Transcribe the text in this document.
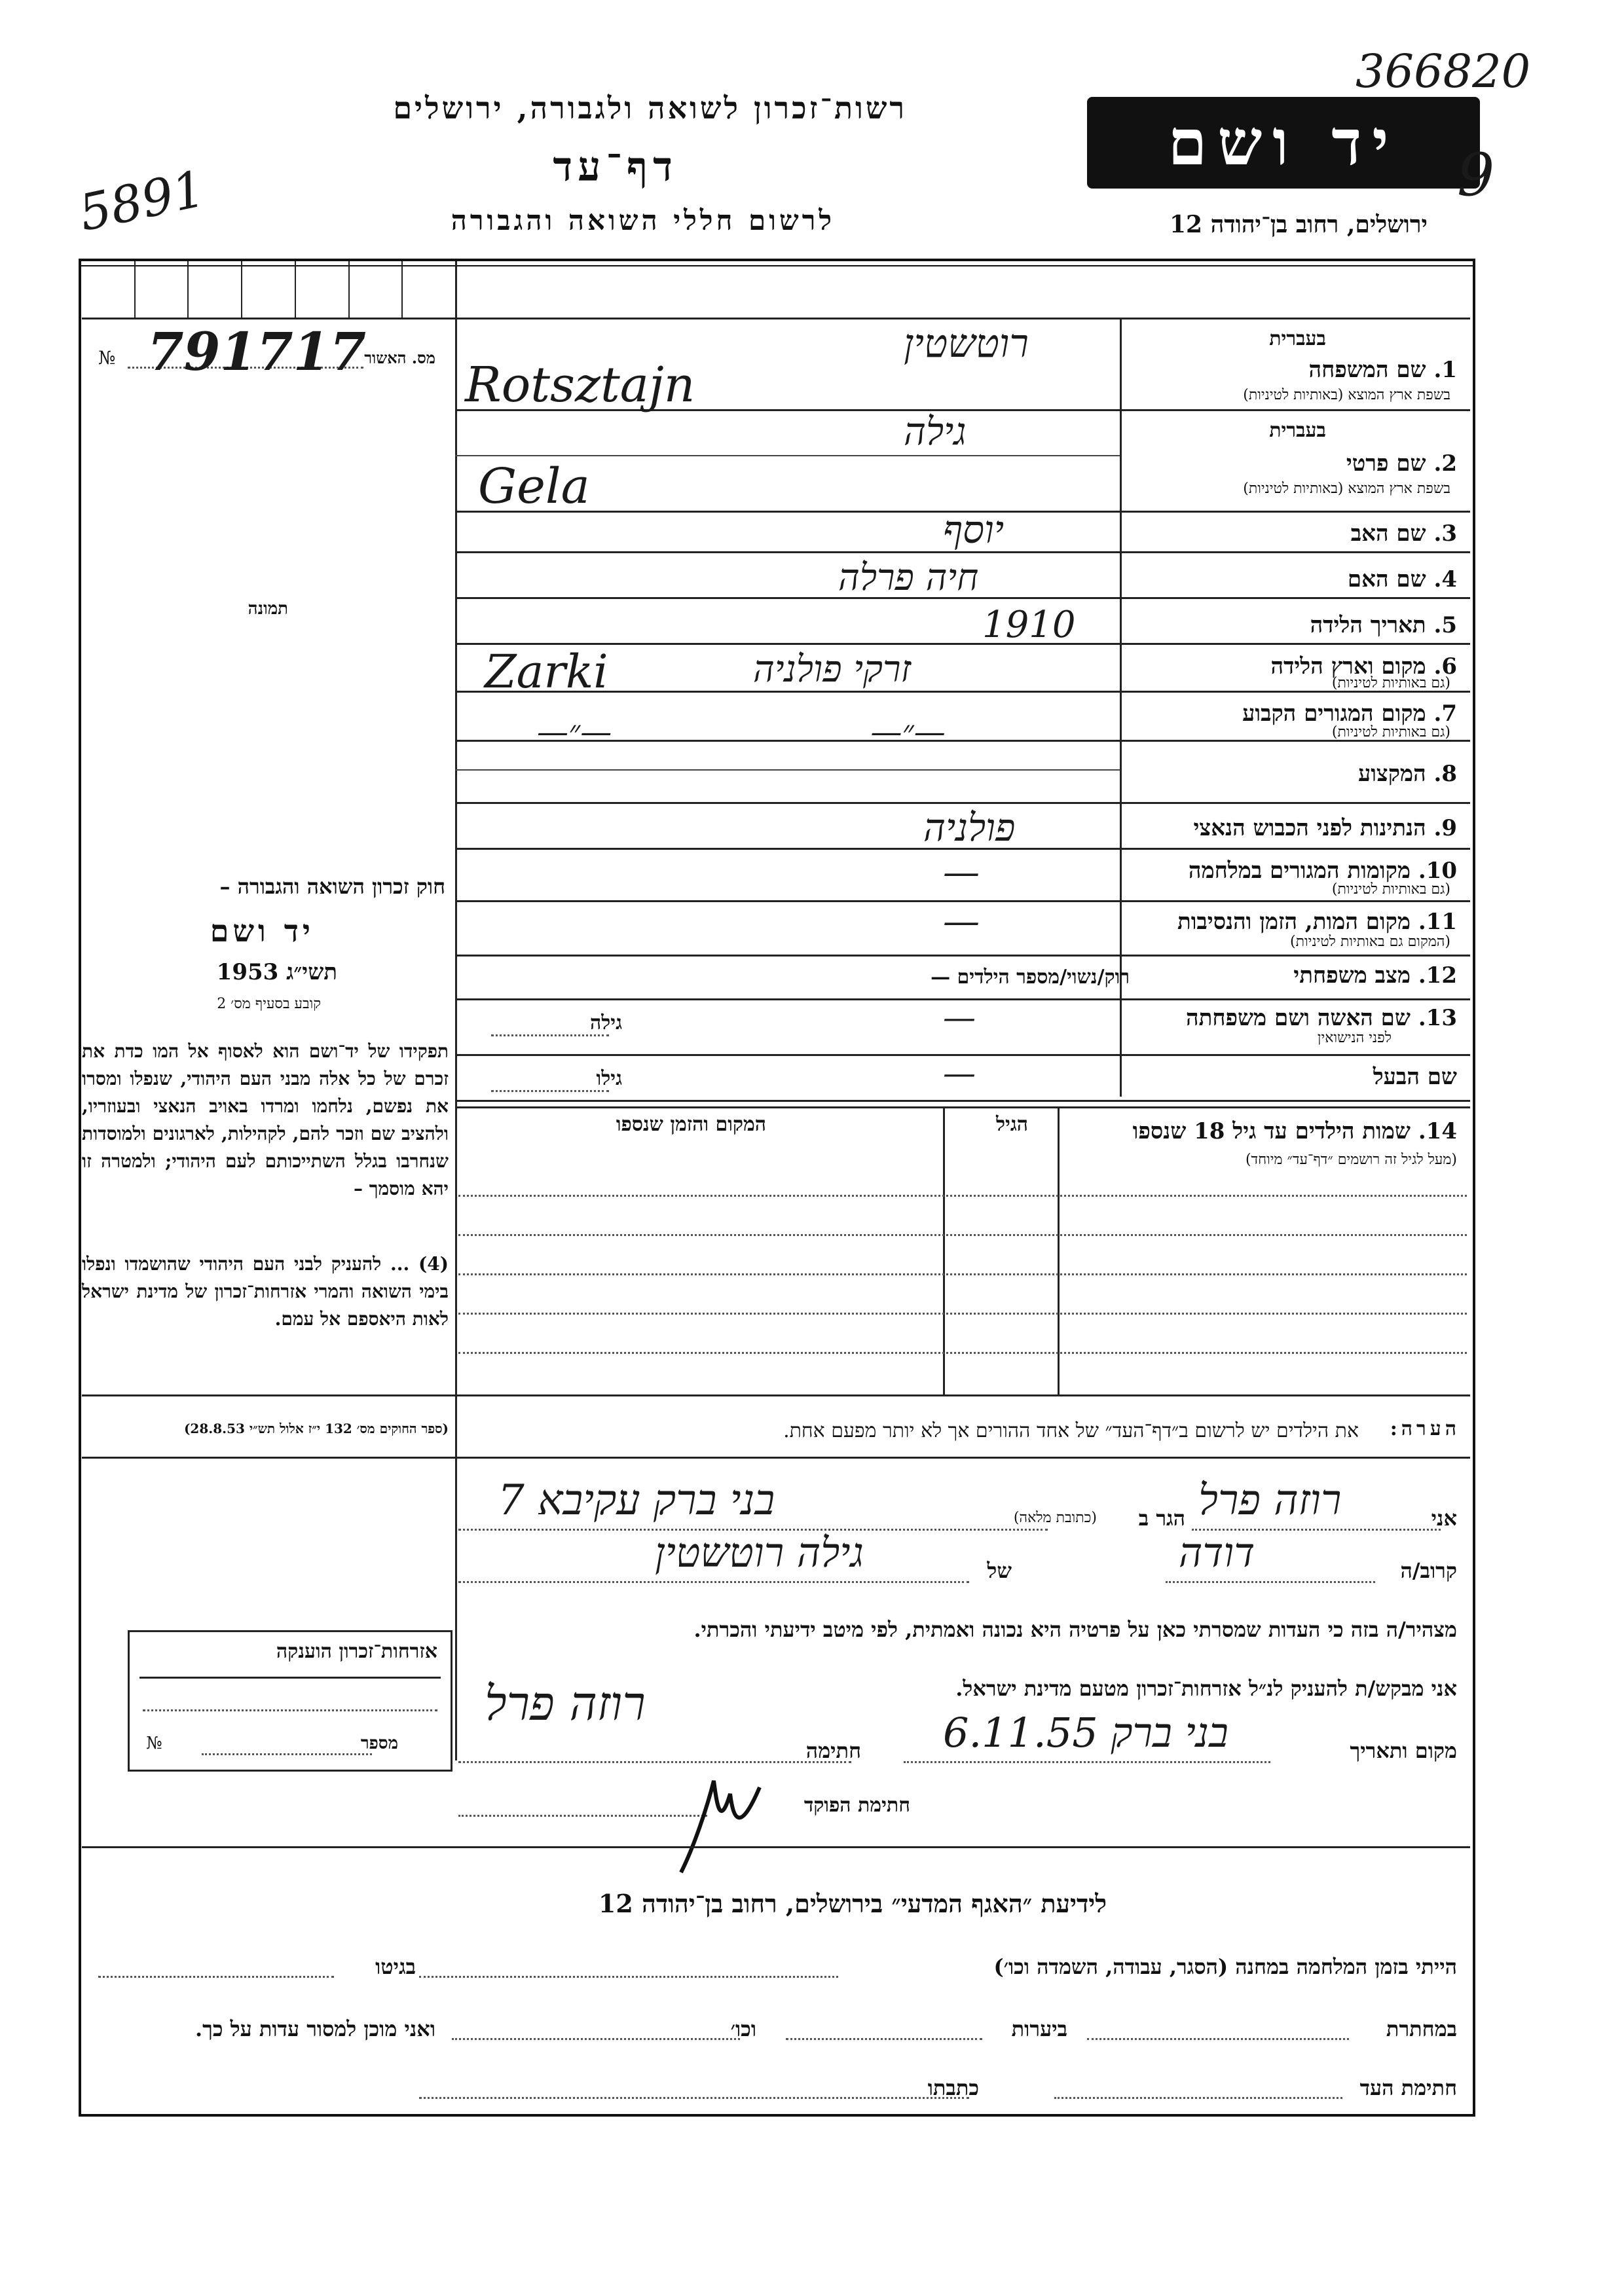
רשות־זכרון לשואה ולגבורה, ירושלים
דף־עד
לרשום חללי השואה והגבורה
יד ושם
ירושלים, רחוב בן־יהודה 12
366820
9
5891
מס. האשור
№ 791717
תמונה
חוק זכרון השואה והגבורה –
יד ושם
תשי״ג 1953
קובע בסעיף מס׳ 2
תפקידו של יד־ושם הוא לאסוף אל המו כדת את זכרם של כל אלה מבני העם היהודי, שנפלו ומסרו את נפשם, נלחמו ומרדו באויב הנאצי ובעוזריו, ולהציב שם וזכר להם, לקהילות, לארגונים ולמוסדות שנחרבו בגלל השתייכותם לעם היהודי; ולמטרה זו יהא מוסמך –
(4) ... להעניק לבני העם היהודי שהושמדו ונפלו בימי השואה והמרי אזרחות־זכרון של מדינת ישראל לאות היאספם אל עמם.
בעברית
1. שם המשפחה
בשפת ארץ המוצא (באותיות לטיניות)
רוטשטין
Rotsztajn
בעברית
2. שם פרטי
בשפת ארץ המוצא (באותיות לטיניות)
גילה
Gela
3. שם האב
יוסף
4. שם האם
חיה פרלה
5. תאריך הלידה
1910
6. מקום וארץ הלידה
(גם באותיות לטיניות)
זרקי פולניה
Zarki
7. מקום המגורים הקבוע
(גם באותיות לטיניות)
—״— —״—
8. המקצוע
9. הנתינות לפני הכבוש הנאצי
פולניה
10. מקומות המגורים במלחמה
(גם באותיות לטיניות)
—
11. מקום המות, הזמן והנסיבות
(המקום גם באותיות לטיניות)
—
12. מצב משפחתי
רוק/נשוי/מספר הילדים —
13. שם האשה ושם משפחתה
לפני הנישואין
גילה	—
שם הבעל
גילו	—
14. שמות הילדים עד גיל 18 שנספו
(מעל לגיל זה רושמים ״דף־עד״ מיוחד)
הגיל
המקום והזמן שנספו
(ספר החוקים מס׳ 132 י״ז אלול תש״י 28.8.53)	הערה:
את הילדים יש לרשום ב״דף־העד״ של אחד ההורים אך לא יותר מפעם אחת.
אני
רוזה פרל
הגר ב
(כתובת מלאה)
בני ברק עקיבא 7
קרוב/ה
דודה
של
גילה רוטשטין
מצהיר/ה בזה כי העדות שמסרתי כאן על פרטיה היא נכונה ואמתית, לפי מיטב ידיעתי והכרתי.
אני מבקש/ת להעניק לנ״ל אזרחות־זכרון מטעם מדינת ישראל.
מקום ותאריך
בני ברק 6.11.55
חתימה
רוזה פרל
חתימת הפוקד
אזרחות־זכרון הוענקה
מספר
№
לידיעת ״האגף המדעי״ בירושלים, רחוב בן־יהודה 12
הייתי בזמן המלחמה במחנה (הסגר, עבודה, השמדה וכו׳)
בגיטו
במחתרת
ביערות
וכו׳
ואני מוכן למסור עדות על כך.
חתימת העד
כתבתו
